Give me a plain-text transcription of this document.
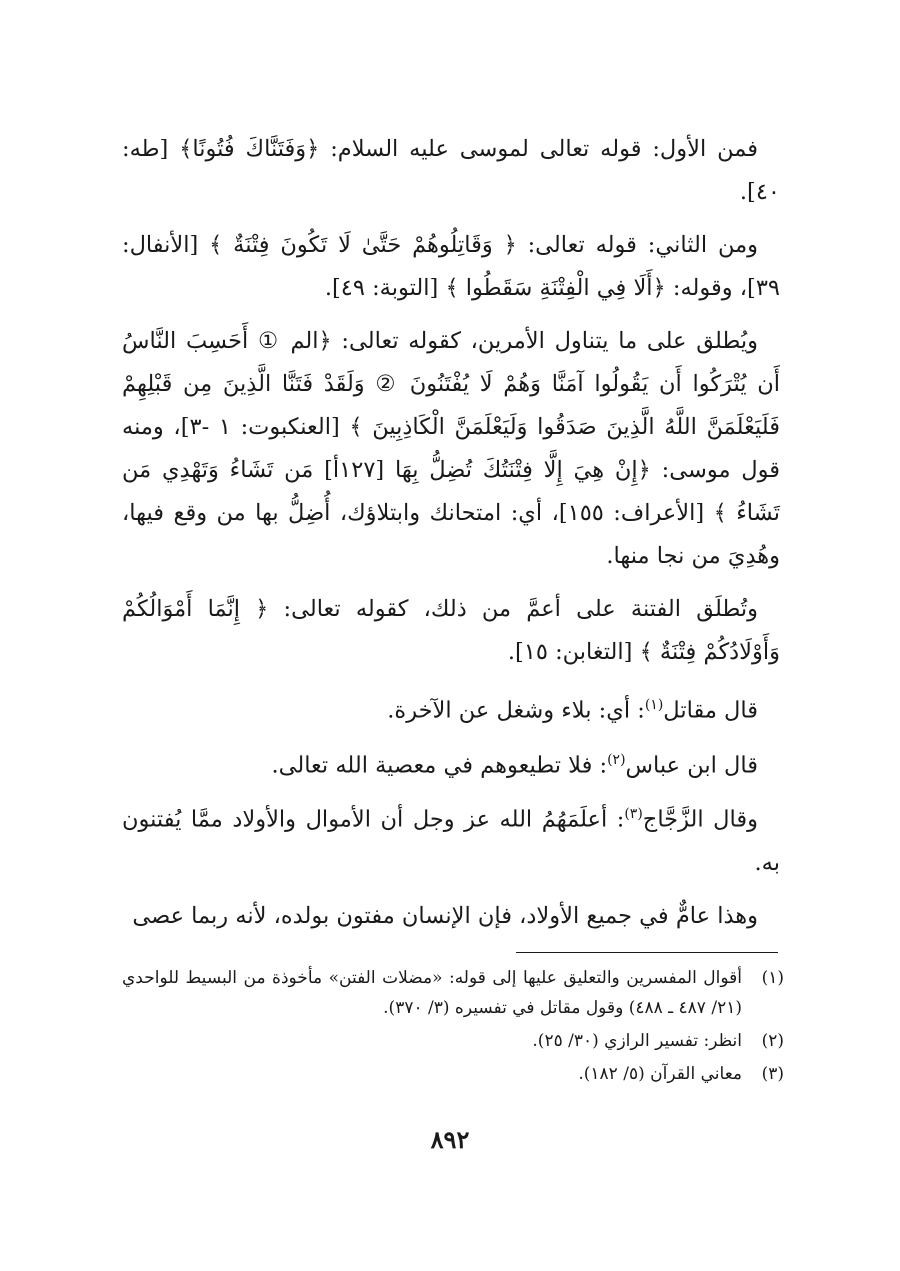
فمن الأول: قوله تعالى لموسى عليه السلام: ﴿وَفَتَنَّاكَ فُتُونًا﴾ [طه: ٤٠].

ومن الثاني: قوله تعالى: ﴿ وَقَاتِلُوهُمْ حَتَّىٰ لَا تَكُونَ فِتْنَةٌ ﴾ [الأنفال: ٣٩]، وقوله: ﴿أَلَا فِي الْفِتْنَةِ سَقَطُوا ﴾ [التوبة: ٤٩].

ويُطلق على ما يتناول الأمرين، كقوله تعالى: ﴿الم ① أَحَسِبَ النَّاسُ أَن يُتْرَكُوا أَن يَقُولُوا آمَنَّا وَهُمْ لَا يُفْتَنُونَ ② وَلَقَدْ فَتَنَّا الَّذِينَ مِن قَبْلِهِمْ فَلَيَعْلَمَنَّ اللَّهُ الَّذِينَ صَدَقُوا وَلَيَعْلَمَنَّ الْكَاذِبِينَ ﴾ [العنكبوت: ١ -٣]، ومنه قول موسى: ﴿إِنْ هِيَ إِلَّا فِتْنَتُكَ تُضِلُّ بِهَا [١٢٧أ] مَن تَشَاءُ وَتَهْدِي مَن تَشَاءُ ﴾ [الأعراف: ١٥٥]، أي: امتحانك وابتلاؤك، أُضِلُّ بها من وقع فيها، وهُدِيَ من نجا منها.

وتُطلَق الفتنة على أعمَّ من ذلك، كقوله تعالى: ﴿ إِنَّمَا أَمْوَالُكُمْ وَأَوْلَادُكُمْ فِتْنَةٌ ﴾ [التغابن: ١٥].

قال مقاتل$^{(١)}$: أي: بلاء وشغل عن الآخرة.

قال ابن عباس$^{(٢)}$: فلا تطيعوهم في معصية الله تعالى.

وقال الزَّجَّاج$^{(٣)}$: أعلَمَهُمُ الله عز وجل أن الأموال والأولاد ممَّا يُفتنون به.

وهذا عامٌّ في جميع الأولاد، فإن الإنسان مفتون بولده، لأنه ربما عصى

(١)
أقوال المفسرين والتعليق عليها إلى قوله: «مضلات الفتن» مأخوذة من البسيط للواحدي (٢١/ ٤٨٧ ـ ٤٨٨) وقول مقاتل في تفسيره (٣/ ٣٧٠).
(٢)
انظر: تفسير الرازي (٣٠/ ٢٥).
(٣)
معاني القرآن (٥/ ١٨٢).
٨٩٢
